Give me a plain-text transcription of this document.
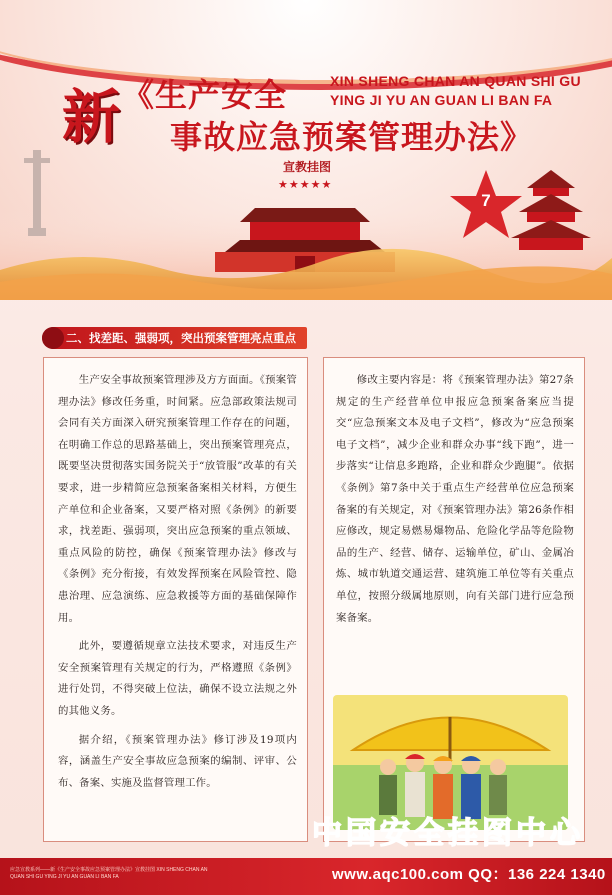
新 《生产安全
事故应急预案管理办法》
XIN SHENG CHAN AN QUAN SHI GU
YING JI YU AN GUAN LI BAN FA
宣教挂图
★★★★★
7
二、找差距、强弱项，突出预案管理亮点重点

生产安全事故预案管理涉及方方面面。《预案管理办法》修改任务重，时间紧。应急部政策法规司会同有关方面深入研究预案管理工作存在的问题，在明确工作总的思路基础上，突出预案管理亮点，既要坚决贯彻落实国务院关于“放管服”改革的有关要求，进一步精简应急预案备案相关材料，方便生产单位和企业备案，又要严格对照《条例》的新要求，找差距、强弱项，突出应急预案的重点领域、重点风险的防控，确保《预案管理办法》修改与《条例》充分衔接，有效发挥预案在风险管控、隐患治理、应急演练、应急救援等方面的基础保障作用。

此外，要遵循规章立法技术要求，对违反生产安全预案管理有关规定的行为，严格遵照《条例》进行处罚，不得突破上位法，确保不设立法规之外的其他义务。

据介绍，《预案管理办法》修订涉及19项内容，涵盖生产安全事故应急预案的编制、评审、公布、备案、实施及监督管理工作。

修改主要内容是：将《预案管理办法》第27条规定的生产经营单位申报应急预案备案应当提交“应急预案文本及电子文档”，修改为“应急预案电子文档”，减少企业和群众办事“线下跑”，进一步落实“让信息多跑路，企业和群众少跑腿”。依据《条例》第7条中关于重点生产经营单位应急预案备案的有关规定，对《预案管理办法》第26条作相应修改，规定易燃易爆物品、危险化学品等危险物品的生产、经营、储存、运输单位，矿山、金属冶炼、城市轨道交通运营、建筑施工单位等有关重点单位，按照分级属地原则，向有关部门进行应急预案备案。

中国安全挂图中心
应急宣教系列——新《生产安全事故应急预案管理办法》宣教挂图 XIN SHENG CHAN AN QUAN SHI GU YING JI YU AN GUAN LI BAN FA	www.aqc100.com QQ：136 224 1340
